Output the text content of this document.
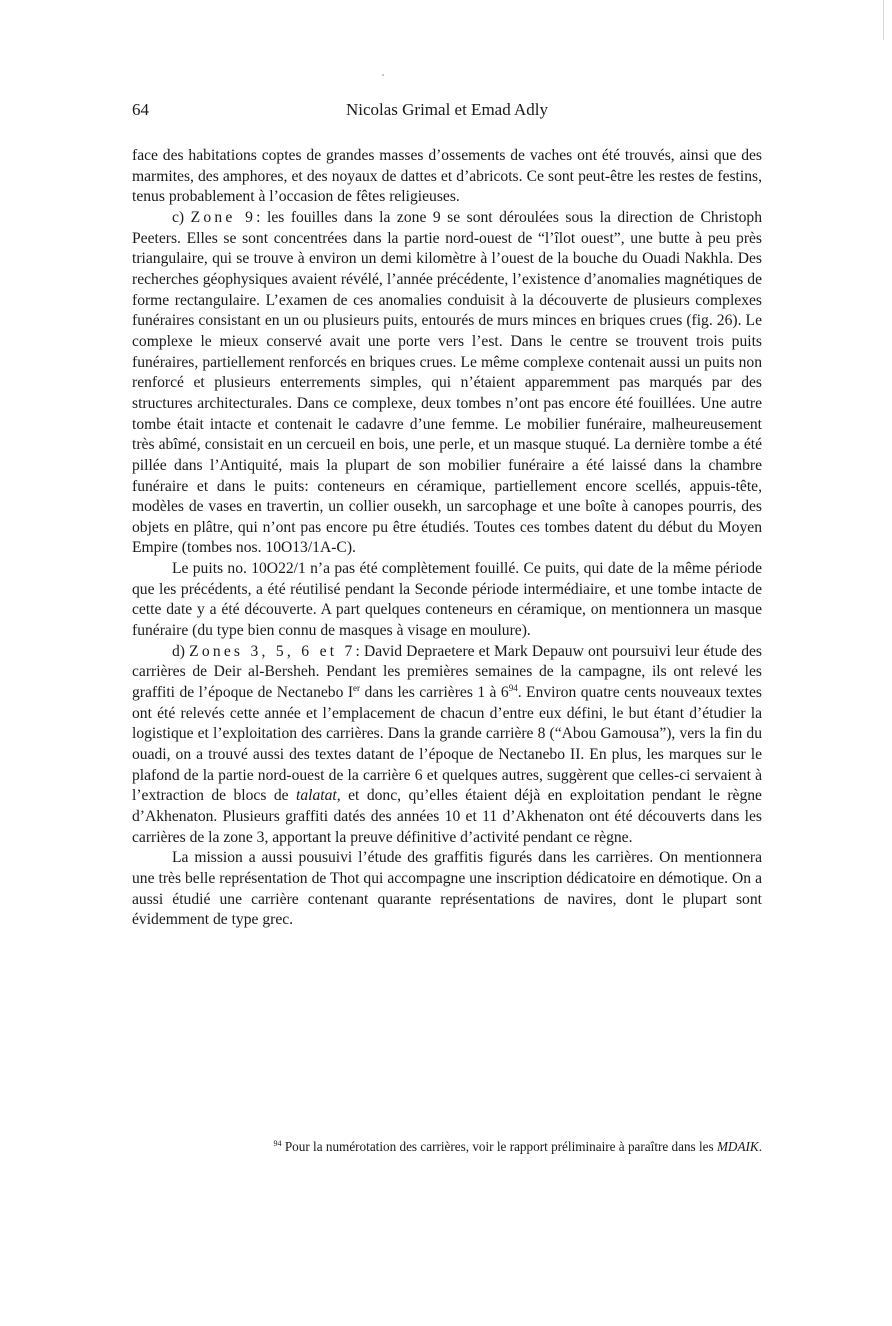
64	Nicolas Grimal et Emad Adly

face des habitations coptes de grandes masses d’ossements de vaches ont été trouvés, ainsi que des marmites, des amphores, et des noyaux de dattes et d’abricots. Ce sont peut-être les restes de festins, tenus probablement à l’occasion de fêtes religieuses.

c) Zone 9: les fouilles dans la zone 9 se sont déroulées sous la direction de Christoph Peeters. Elles se sont concentrées dans la partie nord-ouest de “l’îlot ouest”, une butte à peu près triangulaire, qui se trouve à environ un demi kilomètre à l’ouest de la bouche du Ouadi Nakhla. Des recherches géophysiques avaient révélé, l’année précédente, l’existence d’anomalies magnétiques de forme rectangulaire. L’examen de ces anomalies conduisit à la découverte de plusieurs complexes funéraires consistant en un ou plusieurs puits, entourés de murs minces en briques crues (fig. 26). Le complexe le mieux conservé avait une porte vers l’est. Dans le centre se trouvent trois puits funéraires, partiellement renforcés en briques crues. Le même complexe contenait aussi un puits non renforcé et plusieurs enterrements simples, qui n’étaient apparemment pas marqués par des structures architecturales. Dans ce complexe, deux tombes n’ont pas encore été fouillées. Une autre tombe était intacte et contenait le cadavre d’une femme. Le mobilier funéraire, malheureusement très abîmé, consistait en un cercueil en bois, une perle, et un masque stuqué. La dernière tombe a été pillée dans l’Antiquité, mais la plupart de son mobilier funéraire a été laissé dans la chambre funéraire et dans le puits: conteneurs en céramique, partiellement encore scellés, appuis-tête, modèles de vases en travertin, un collier ousekh, un sarcophage et une boîte à canopes pourris, des objets en plâtre, qui n’ont pas encore pu être étudiés. Toutes ces tombes datent du début du Moyen Empire (tombes nos. 10O13/1A-C).

Le puits no. 10O22/1 n’a pas été complètement fouillé. Ce puits, qui date de la même période que les précédents, a été réutilisé pendant la Seconde période intermédiaire, et une tombe intacte de cette date y a été découverte. A part quelques conteneurs en céramique, on mentionnera un masque funéraire (du type bien connu de masques à visage en moulure).

d) Zones 3, 5, 6 et 7: David Depraetere et Mark Depauw ont poursuivi leur étude des carrières de Deir al-Bersheh. Pendant les premières semaines de la campagne, ils ont relevé les graffiti de l’époque de Nectanebo Ier dans les carrières 1 à $6^{94}$. Environ quatre cents nouveaux textes ont été relevés cette année et l’emplacement de chacun d’entre eux défini, le but étant d’étudier la logistique et l’exploitation des carrières. Dans la grande carrière 8 (“Abou Gamousa”), vers la fin du ouadi, on a trouvé aussi des textes datant de l’époque de Nectanebo II. En plus, les marques sur le plafond de la partie nord-ouest de la carrière 6 et quelques autres, suggèrent que celles-ci servaient à l’extraction de blocs de talatat, et donc, qu’elles étaient déjà en exploitation pendant le règne d’Akhenaton. Plusieurs graffiti datés des années 10 et 11 d’Akhenaton ont été découverts dans les carrières de la zone 3, apportant la preuve définitive d’activité pendant ce règne.

La mission a aussi pousuivi l’étude des graffitis figurés dans les carrières. On mentionnera une très belle représentation de Thot qui accompagne une inscription dédicatoire en démotique. On a aussi étudié une carrière contenant quarante représentations de navires, dont le plupart sont évidemment de type grec.

$^{94}$ Pour la numérotation des carrières, voir le rapport préliminaire à paraître dans les MDAIK.
